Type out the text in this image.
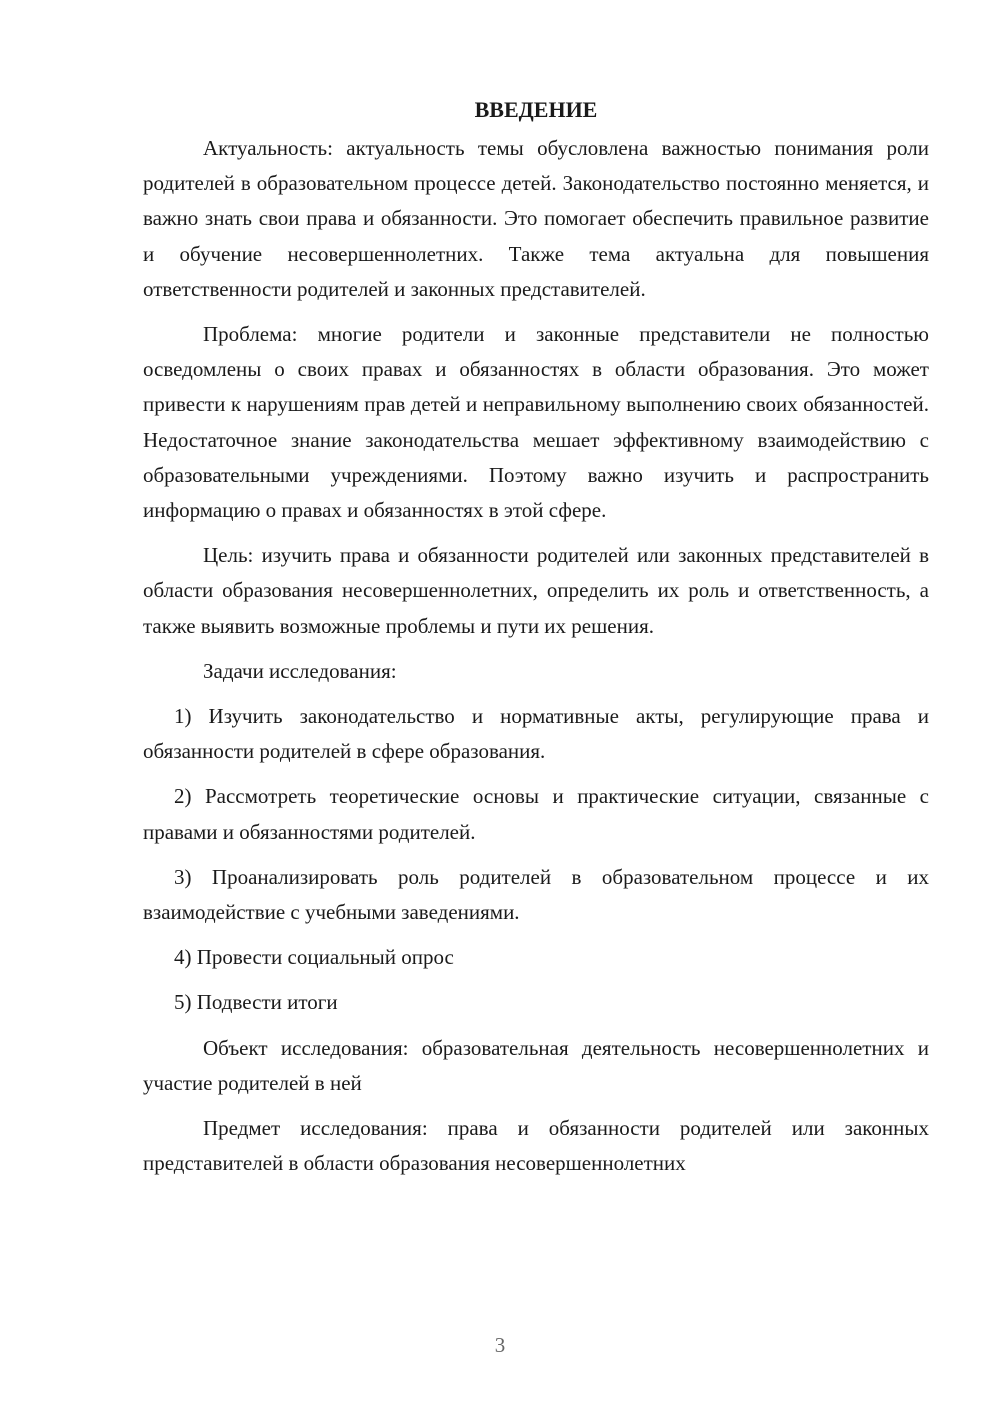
ВВЕДЕНИЕ

Актуальность: актуальность темы обусловлена важностью понимания роли родителей в образовательном процессе детей. Законодательство постоянно меняется, и важно знать свои права и обязанности. Это помогает обеспечить правильное развитие и обучение несовершеннолетних. Также тема актуальна для повышения ответственности родителей и законных представителей.

Проблема: многие родители и законные представители не полностью осведомлены о своих правах и обязанностях в области образования. Это может привести к нарушениям прав детей и неправильному выполнению своих обязанностей. Недостаточное знание законодательства мешает эффективному взаимодействию с образовательными учреждениями. Поэтому важно изучить и распространить информацию о правах и обязанностях в этой сфере.

Цель: изучить права и обязанности родителей или законных представителей в области образования несовершеннолетних, определить их роль и ответственность, а также выявить возможные проблемы и пути их решения.

Задачи исследования:

1) Изучить законодательство и нормативные акты, регулирующие права и обязанности родителей в сфере образования.

2) Рассмотреть теоретические основы и практические ситуации, связанные с правами и обязанностями родителей.

3) Проанализировать роль родителей в образовательном процессе и их взаимодействие с учебными заведениями.

4) Провести социальный опрос

5) Подвести итоги

Объект исследования: образовательная деятельность несовершеннолетних и участие родителей в ней

Предмет исследования: права и обязанности родителей или законных представителей в области образования несовершеннолетних

3
